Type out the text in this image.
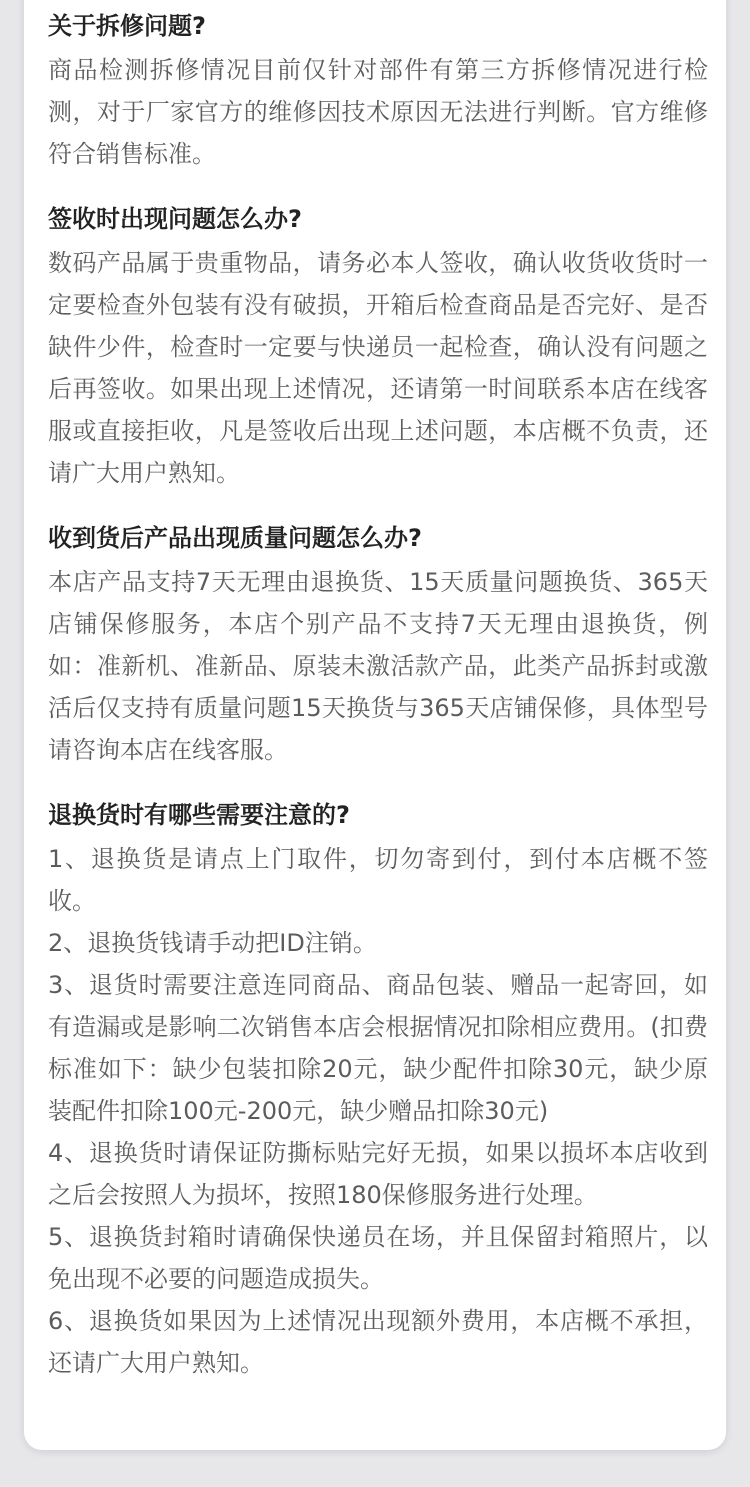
关于拆修问题?

商品检测拆修情况目前仅针对部件有第三方拆修情况进行检测，对于厂家官方的维修因技术原因无法进行判断。官方维修符合销售标准。

签收时出现问题怎么办?

数码产品属于贵重物品，请务必本人签收，确认收货收货时一定要检查外包装有没有破损，开箱后检查商品是否完好、是否缺件少件，检查时一定要与快递员一起检查，确认没有问题之后再签收。如果出现上述情况，还请第一时间联系本店在线客服或直接拒收，凡是签收后出现上述问题，本店概不负责，还请广大用户熟知。

收到货后产品出现质量问题怎么办?

本店产品支持7天无理由退换货、15天质量问题换货、365天店铺保修服务，本店个别产品不支持7天无理由退换货，例如：准新机、准新品、原装未激活款产品，此类产品拆封或激活后仅支持有质量问题15天换货与365天店铺保修，具体型号请咨询本店在线客服。

退换货时有哪些需要注意的?

1、退换货是请点上门取件，切勿寄到付，到付本店概不签收。

2、退换货钱请手动把ID注销。

3、退货时需要注意连同商品、商品包装、赠品一起寄回，如有造漏或是影响二次销售本店会根据情况扣除相应费用。(扣费标准如下：缺少包装扣除20元，缺少配件扣除30元，缺少原装配件扣除100元-200元，缺少赠品扣除30元)

4、退换货时请保证防撕标贴完好无损，如果以损坏本店收到之后会按照人为损坏，按照180保修服务进行处理。

5、退换货封箱时请确保快递员在场，并且保留封箱照片，以免出现不必要的问题造成损失。

6、退换货如果因为上述情况出现额外费用，本店概不承担，还请广大用户熟知。
